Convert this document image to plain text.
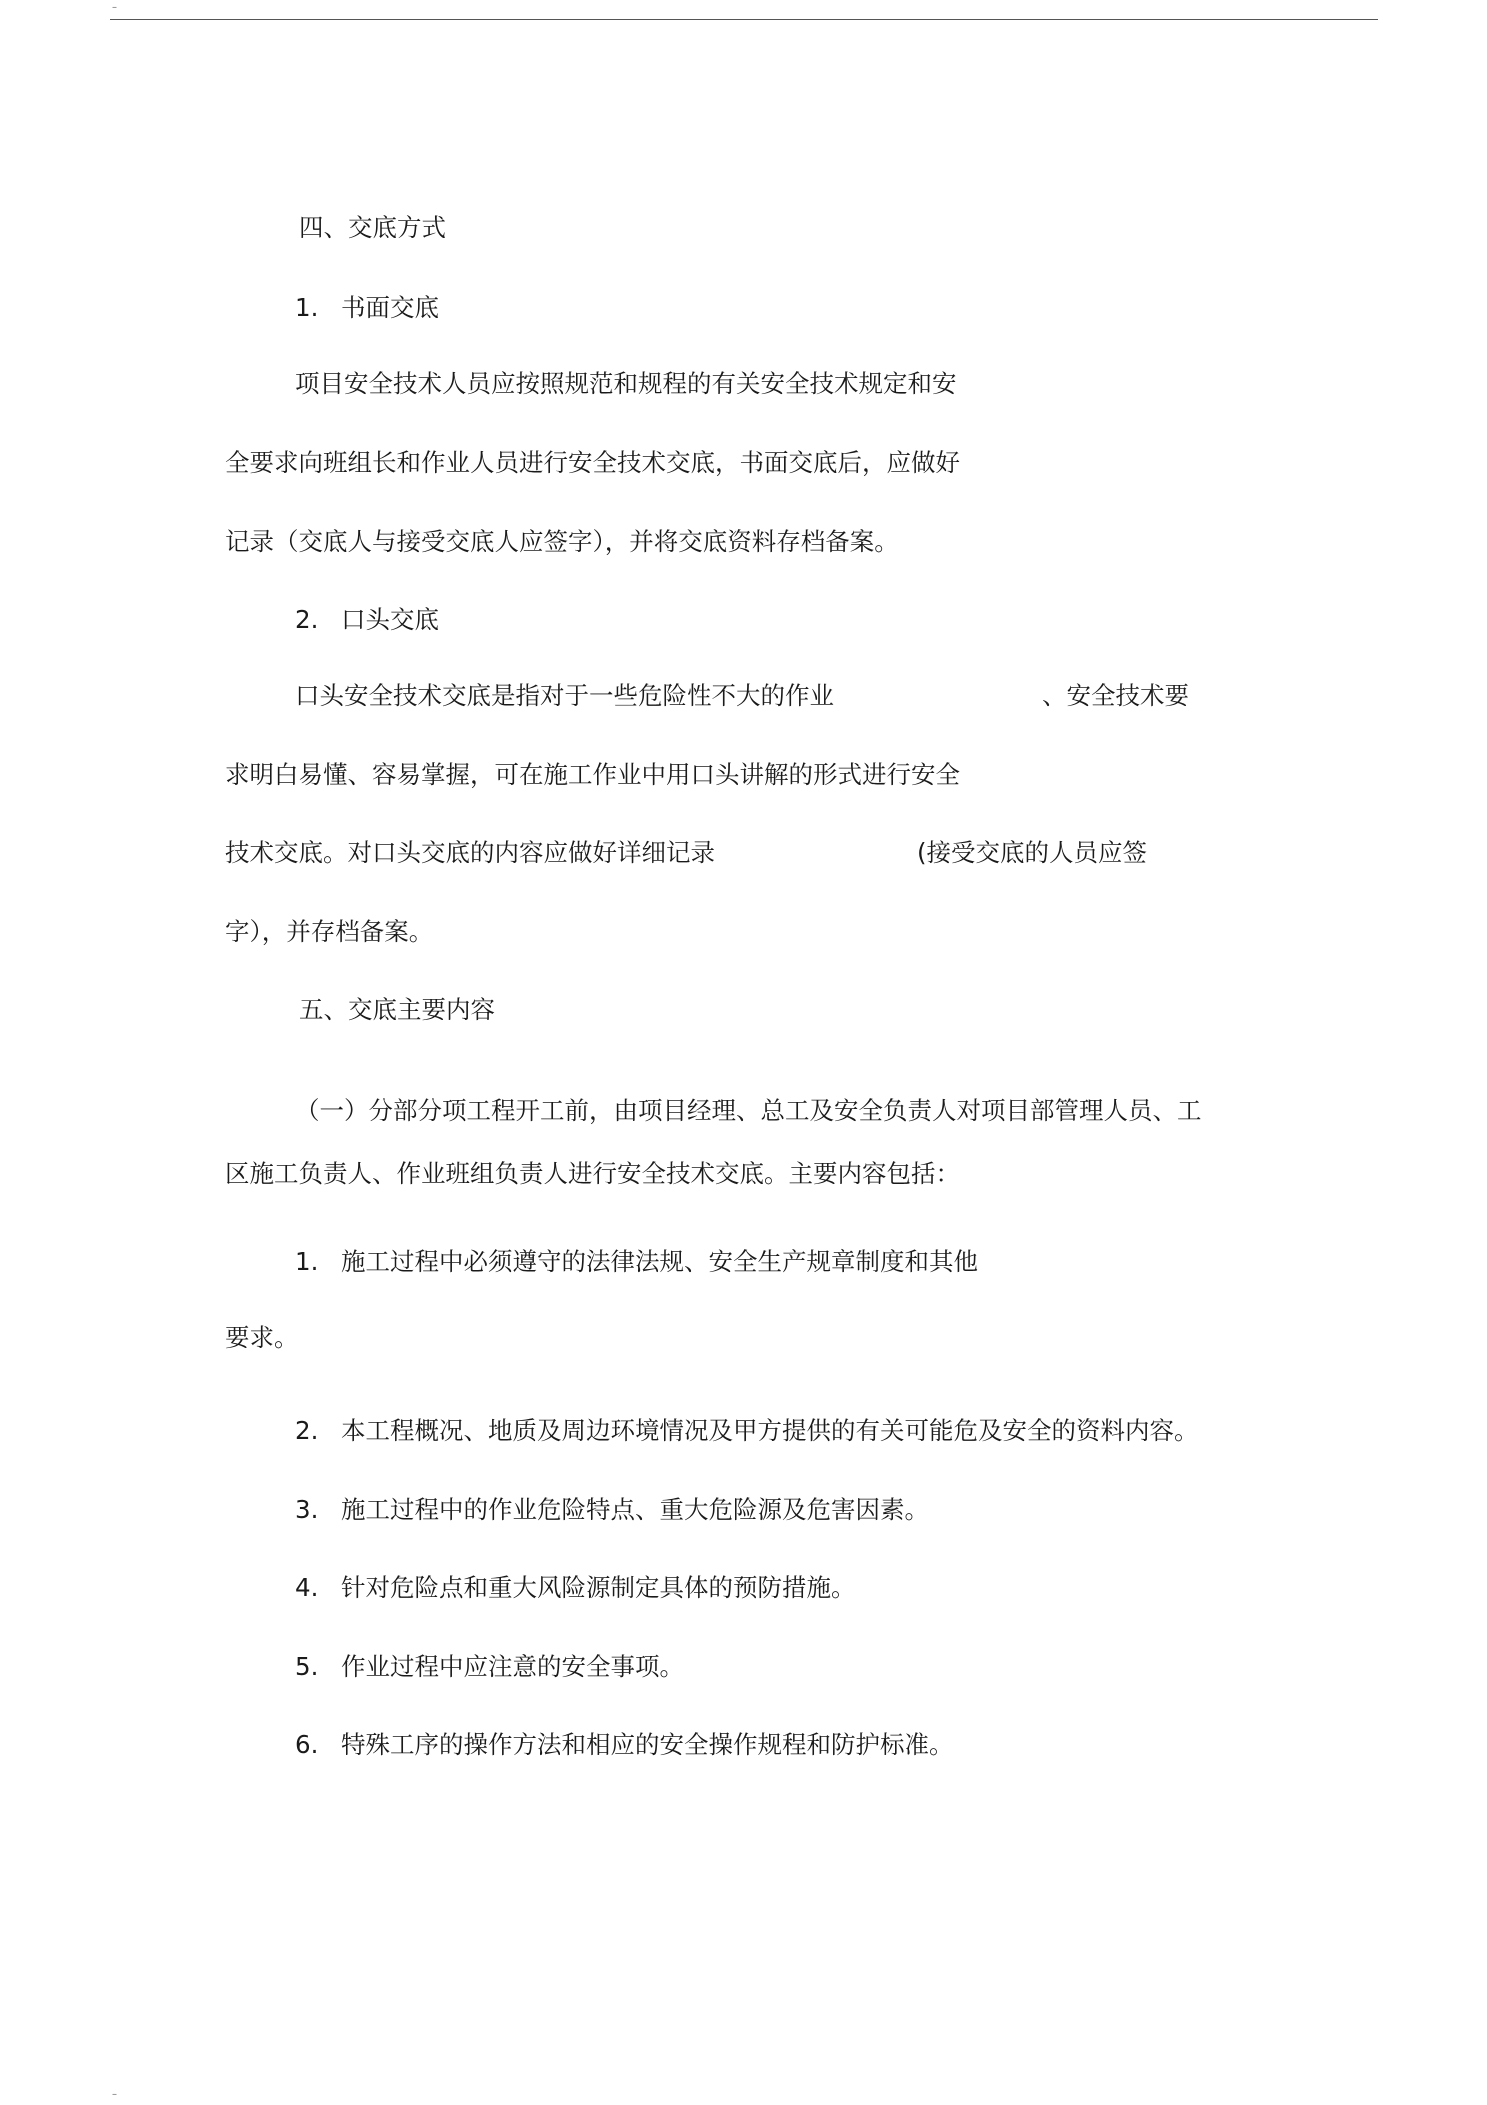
–
四、交底方式
1. 书面交底
项目安全技术人员应按照规范和规程的有关安全技术规定和安
全要求向班组长和作业人员进行安全技术交底，书面交底后，应做好
记录（交底人与接受交底人应签字），并将交底资料存档备案。
2. 口头交底
口头安全技术交底是指对于一些危险性不大的作业	、安全技术要
求明白易懂、容易掌握，可在施工作业中用口头讲解的形式进行安全
技术交底。对口头交底的内容应做好详细记录	(接受交底的人员应签
字），并存档备案。
五、交底主要内容
（一）分部分项工程开工前，由项目经理、总工及安全负责人对项目部管理人员、工
区施工负责人、作业班组负责人进行安全技术交底。主要内容包括：
1. 施工过程中必须遵守的法律法规、安全生产规章制度和其他
要求。
2. 本工程概况、地质及周边环境情况及甲方提供的有关可能危及安全的资料内容。
3. 施工过程中的作业危险特点、重大危险源及危害因素。
4. 针对危险点和重大风险源制定具体的预防措施。
5. 作业过程中应注意的安全事项。
6. 特殊工序的操作方法和相应的安全操作规程和防护标准。
–
